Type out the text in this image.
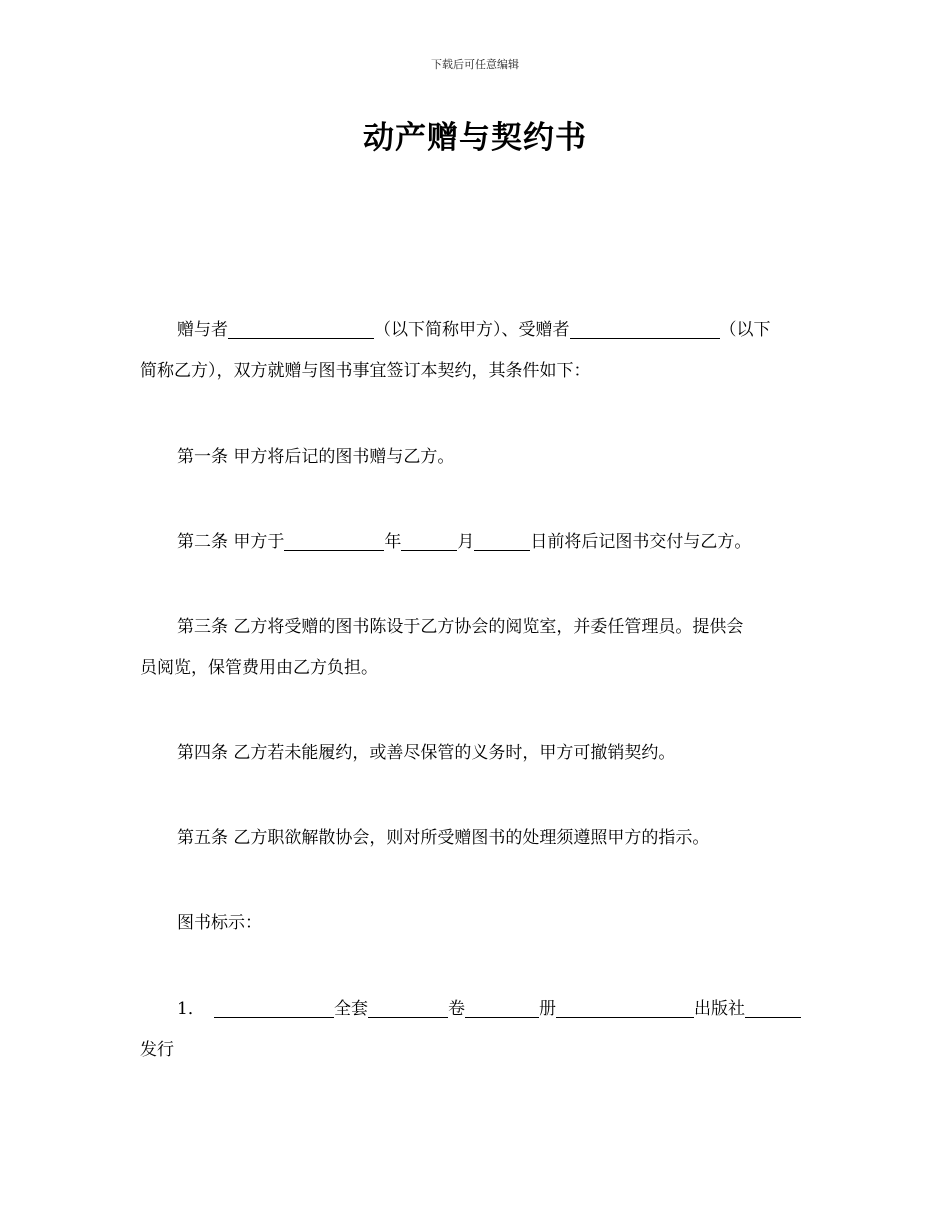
下载后可任意编辑
动产赠与契约书
赠与者	（以下简称甲方）、受赠者	（以下
简称乙方），双方就赠与图书事宜签订本契约，其条件如下：
第一条 甲方将后记的图书赠与乙方。
第二条 甲方于	年	月	日前将后记图书交付与乙方。
第三条 乙方将受赠的图书陈设于乙方协会的阅览室，并委任管理员。提供会
员阅览，保管费用由乙方负担。
第四条 乙方若未能履约，或善尽保管的义务时，甲方可撤销契约。
第五条 乙方职欲解散协会，则对所受赠图书的处理须遵照甲方的指示。
图书标示：
1．	全套	卷	册	出版社
发行
